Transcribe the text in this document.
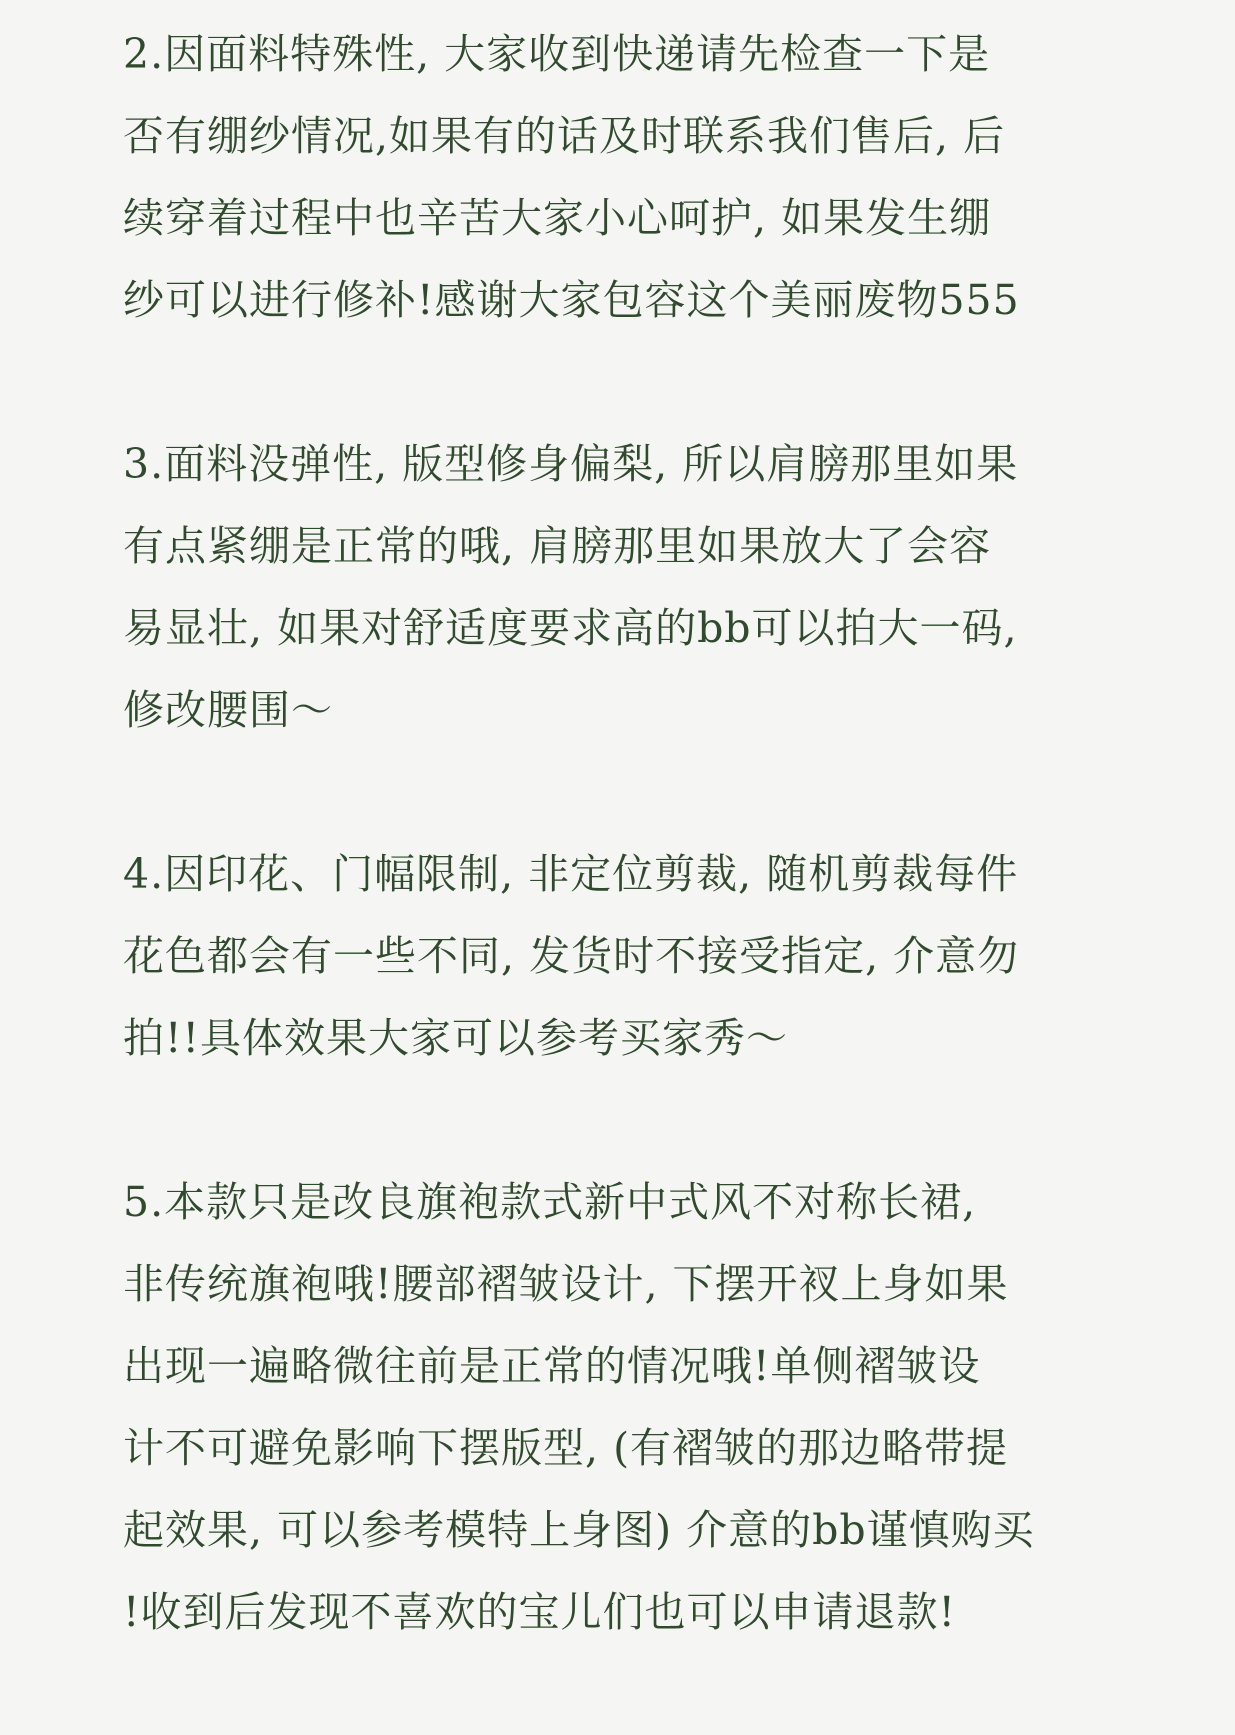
2.因面料特殊性, 大家收到快递请先检查一下是
否有绷纱情况,如果有的话及时联系我们售后, 后
续穿着过程中也辛苦大家小心呵护, 如果发生绷
纱可以进行修补!感谢大家包容这个美丽废物555
3.面料没弹性, 版型修身偏梨, 所以肩膀那里如果
有点紧绷是正常的哦, 肩膀那里如果放大了会容
易显壮, 如果对舒适度要求高的bb可以拍大一码,
修改腰围～
4.因印花、门幅限制, 非定位剪裁, 随机剪裁每件
花色都会有一些不同, 发货时不接受指定, 介意勿
拍!!具体效果大家可以参考买家秀～
5.本款只是改良旗袍款式新中式风不对称长裙,
非传统旗袍哦!腰部褶皱设计, 下摆开衩上身如果
出现一遍略微往前是正常的情况哦!单侧褶皱设
计不可避免影响下摆版型, (有褶皱的那边略带提
起效果, 可以参考模特上身图) 介意的bb谨慎购买
!收到后发现不喜欢的宝儿们也可以申请退款!
